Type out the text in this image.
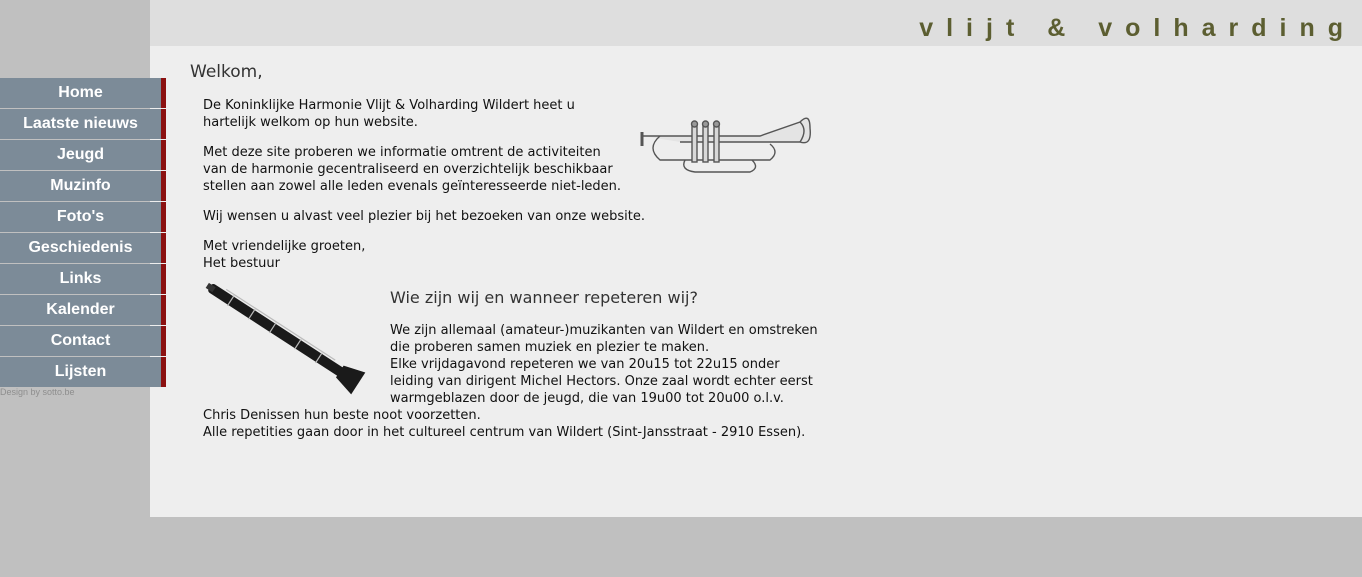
vlijt & volharding
Home
Laatste nieuws
Jeugd
Muzinfo
Foto's
Geschiedenis
Links
Kalender
Contact
Lijsten
Design by sotto.be
Welkom,
De Koninklijke Harmonie Vlijt & Volharding Wildert heet u
hartelijk welkom op hun website.
Met deze site proberen we informatie omtrent de activiteiten
van de harmonie gecentraliseerd en overzichtelijk beschikbaar
stellen aan zowel alle leden evenals geïnteresseerde niet-leden.
Wij wensen u alvast veel plezier bij het bezoeken van onze website.
Met vriendelijke groeten,
Het bestuur
Wie zijn wij en wanneer repeteren wij?
We zijn allemaal (amateur-)muzikanten van Wildert en omstreken
die proberen samen muziek en plezier te maken.
Elke vrijdagavond repeteren we van 20u15 tot 22u15 onder
leiding van dirigent Michel Hectors. Onze zaal wordt echter eerst
warmgeblazen door de jeugd, die van 19u00 tot 20u00 o.l.v.
Chris Denissen hun beste noot voorzetten.
Alle repetities gaan door in het cultureel centrum van Wildert (Sint-Jansstraat - 2910 Essen).
